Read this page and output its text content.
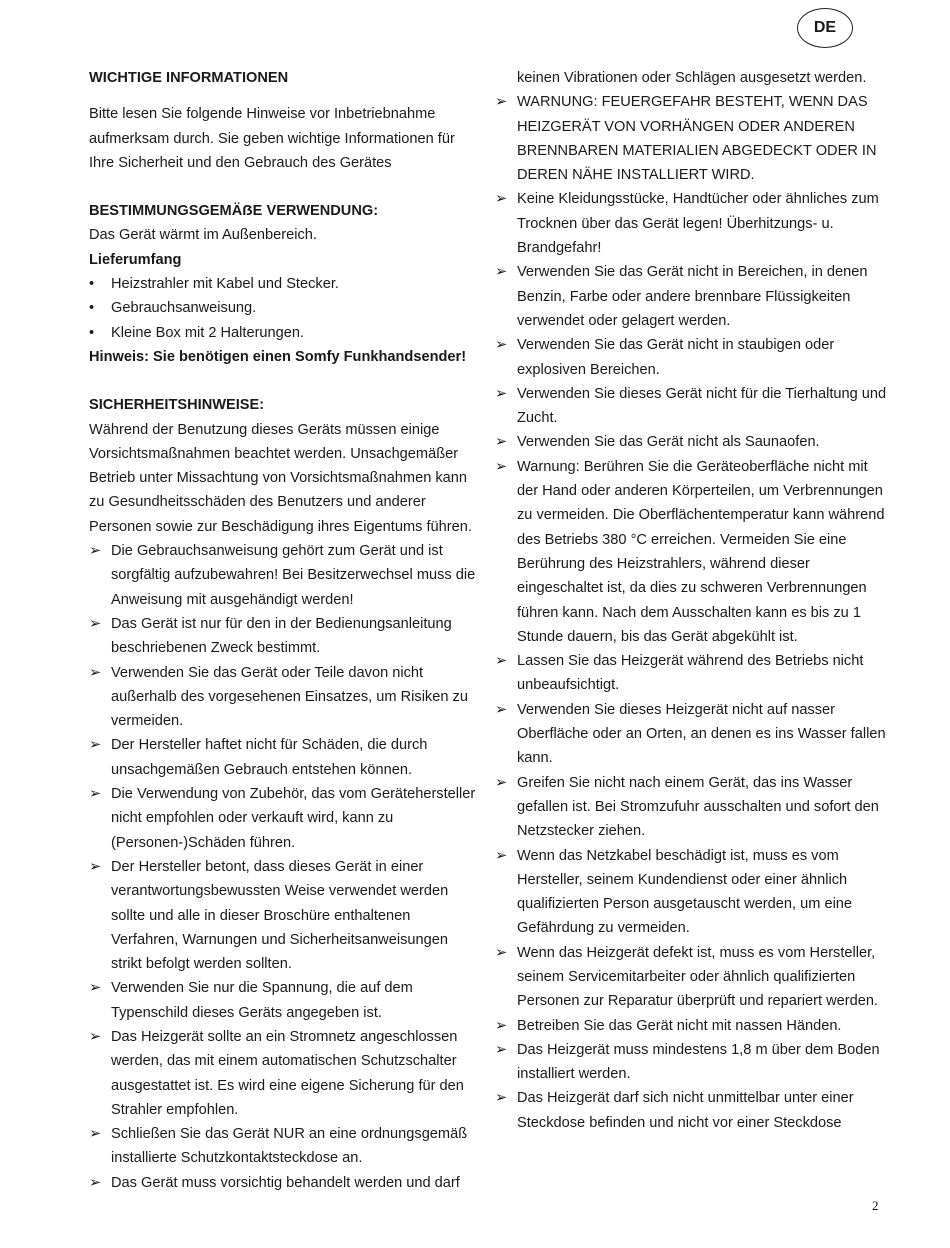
DE

WICHTIGE INFORMATIONEN

Bitte lesen Sie folgende Hinweise vor Inbetriebnahme aufmerksam durch. Sie geben wichtige Informationen für Ihre Sicherheit und den Gebrauch des Gerätes

BESTIMMUNGSGEMÄẞE VERWENDUNG:

Das Gerät wärmt im Außenbereich.

Lieferumfang

•	Heizstrahler mit Kabel und Stecker.
•	Gebrauchsanweisung.
•	Kleine Box mit 2 Halterungen.

Hinweis: Sie benötigen einen Somfy Funkhandsender!

SICHERHEITSHINWEISE:

Während der Benutzung dieses Geräts müssen einige Vorsichtsmaßnahmen beachtet werden. Unsachgemäßer Betrieb unter Missachtung von Vorsichtsmaßnahmen kann zu Gesundheitsschäden des Benutzers und anderer Personen sowie zur Beschädigung ihres Eigentums führen.

➢ Die Gebrauchsanweisung gehört zum Gerät und ist sorgfältig aufzubewahren! Bei Besitzerwechsel muss die Anweisung mit ausgehändigt werden!
➢ Das Gerät ist nur für den in der Bedienungsanleitung beschriebenen Zweck bestimmt.
➢ Verwenden Sie das Gerät oder Teile davon nicht außerhalb des vorgesehenen Einsatzes, um Risiken zu vermeiden.
➢ Der Hersteller haftet nicht für Schäden, die durch unsachgemäßen Gebrauch entstehen können.
➢ Die Verwendung von Zubehör, das vom Gerätehersteller nicht empfohlen oder verkauft wird, kann zu (Personen-)Schäden führen.
➢ Der Hersteller betont, dass dieses Gerät in einer verantwortungsbewussten Weise verwendet werden sollte und alle in dieser Broschüre enthaltenen Verfahren, Warnungen und Sicherheitsanweisungen strikt befolgt werden sollten.
➢ Verwenden Sie nur die Spannung, die auf dem Typenschild dieses Geräts angegeben ist.
➢ Das Heizgerät sollte an ein Stromnetz angeschlossen werden, das mit einem automatischen Schutzschalter ausgestattet ist. Es wird eine eigene Sicherung für den Strahler empfohlen.
➢ Schließen Sie das Gerät NUR an eine ordnungsgemäß installierte Schutzkontaktsteckdose an.
➢ Das Gerät muss vorsichtig behandelt werden und darf

keinen Vibrationen oder Schlägen ausgesetzt werden.

➢ WARNUNG: FEUERGEFAHR BESTEHT, WENN DAS HEIZGERÄT VON VORHÄNGEN ODER ANDEREN BRENNBAREN MATERIALIEN ABGEDECKT ODER IN DEREN NÄHE INSTALLIERT WIRD.
➢ Keine Kleidungsstücke, Handtücher oder ähnliches zum Trocknen über das Gerät legen! Überhitzungs- u. Brandgefahr!
➢ Verwenden Sie das Gerät nicht in Bereichen, in denen Benzin, Farbe oder andere brennbare Flüssigkeiten verwendet oder gelagert werden.
➢ Verwenden Sie das Gerät nicht in staubigen oder explosiven Bereichen.
➢ Verwenden Sie dieses Gerät nicht für die Tierhaltung und Zucht.
➢ Verwenden Sie das Gerät nicht als Saunaofen.
➢ Warnung: Berühren Sie die Geräteoberfläche nicht mit der Hand oder anderen Körperteilen, um Verbrennungen zu vermeiden. Die Oberflächentemperatur kann während des Betriebs 380 °C erreichen. Vermeiden Sie eine Berührung des Heizstrahlers, während dieser eingeschaltet ist, da dies zu schweren Verbrennungen führen kann. Nach dem Ausschalten kann es bis zu 1 Stunde dauern, bis das Gerät abgekühlt ist.
➢ Lassen Sie das Heizgerät während des Betriebs nicht unbeaufsichtigt.
➢ Verwenden Sie dieses Heizgerät nicht auf nasser Oberfläche oder an Orten, an denen es ins Wasser fallen kann.
➢ Greifen Sie nicht nach einem Gerät, das ins Wasser gefallen ist. Bei Stromzufuhr ausschalten und sofort den Netzstecker ziehen.
➢ Wenn das Netzkabel beschädigt ist, muss es vom Hersteller, seinem Kundendienst oder einer ähnlich qualifizierten Person ausgetauscht werden, um eine Gefährdung zu vermeiden.
➢ Wenn das Heizgerät defekt ist, muss es vom Hersteller, seinem Servicemitarbeiter oder ähnlich qualifizierten Personen zur Reparatur überprüft und repariert werden.
➢ Betreiben Sie das Gerät nicht mit nassen Händen.
➢ Das Heizgerät muss mindestens 1,8 m über dem Boden installiert werden.
➢ Das Heizgerät darf sich nicht unmittelbar unter einer Steckdose befinden und nicht vor einer Steckdose
2
